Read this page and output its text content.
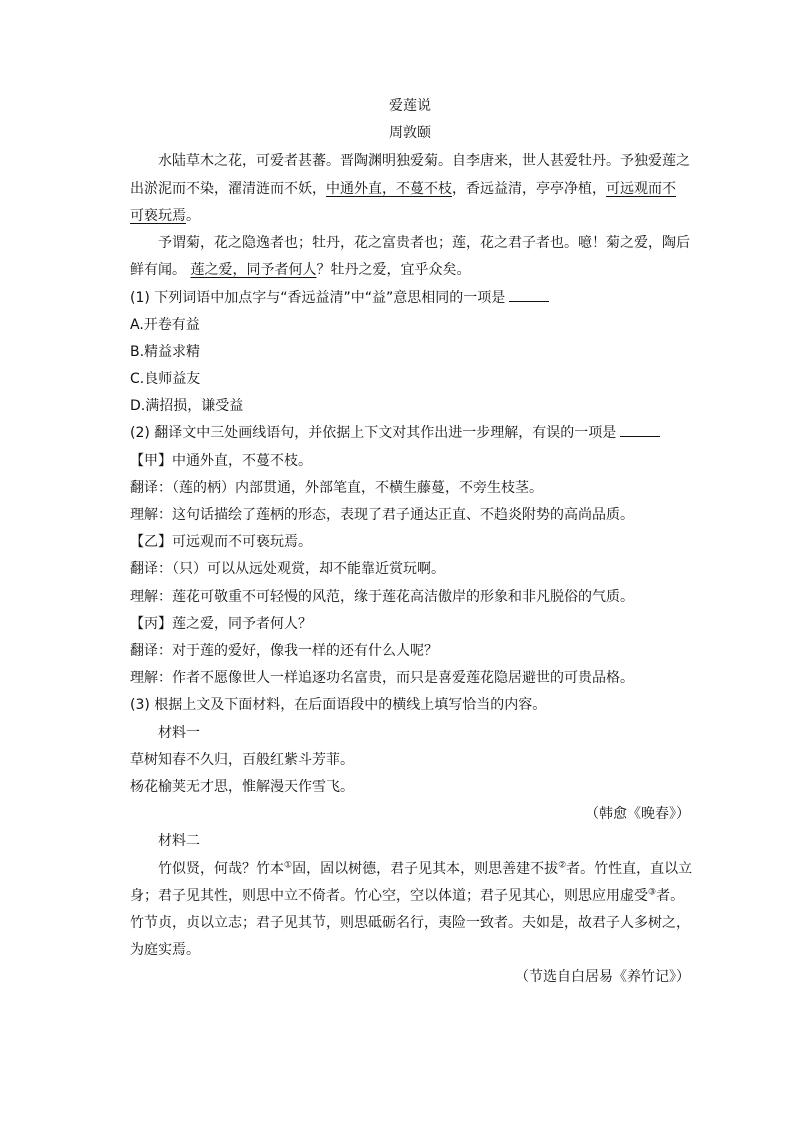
爱莲说
周敦颐
水陆草木之花，可爱者甚蕃。晋陶渊明独爱菊。自李唐来，世人甚爱牡丹。予独爱莲之
出淤泥而不染，濯清涟而不妖，中通外直，不蔓不枝，香远益清，亭亭净植，可远观而不
可亵玩焉。
予谓菊，花之隐逸者也；牡丹，花之富贵者也；莲，花之君子者也。噫！菊之爱，陶后
鲜有闻。 莲之爱，同予者何人？牡丹之爱，宜乎众矣。
(1) 下列词语中加点字与“香远益清”中“益”意思相同的一项是
A.开卷有益
B.精益求精
C.良师益友
D.满招损，谦受益
(2) 翻译文中三处画线语句，并依据上下文对其作出进一步理解，有误的一项是
【甲】中通外直，不蔓不枝。
翻译：（莲的柄）内部贯通，外部笔直，不横生藤蔓，不旁生枝茎。
理解：这句话描绘了莲柄的形态，表现了君子通达正直、不趋炎附势的高尚品质。
【乙】可远观而不可亵玩焉。
翻译：（只）可以从远处观赏，却不能靠近赏玩啊。
理解：莲花可敬重不可轻慢的风范，缘于莲花高洁傲岸的形象和非凡脱俗的气质。
【丙】莲之爱，同予者何人？
翻译：对于莲的爱好，像我一样的还有什么人呢？
理解：作者不愿像世人一样追逐功名富贵，而只是喜爱莲花隐居避世的可贵品格。
(3) 根据上文及下面材料，在后面语段中的横线上填写恰当的内容。
材料一
草树知春不久归，百般红紫斗芳菲。
杨花榆荚无才思，惟解漫天作雪飞。
（韩愈《晚春》）
材料二
竹似贤，何哉？竹本①固，固以树德，君子见其本，则思善建不拔②者。竹性直，直以立
身；君子见其性，则思中立不倚者。竹心空，空以体道；君子见其心，则思应用虚受③者。
竹节贞，贞以立志；君子见其节，则思砥砺名行，夷险一致者。夫如是，故君子人多树之，
为庭实焉。
（节选自白居易《养竹记》）
